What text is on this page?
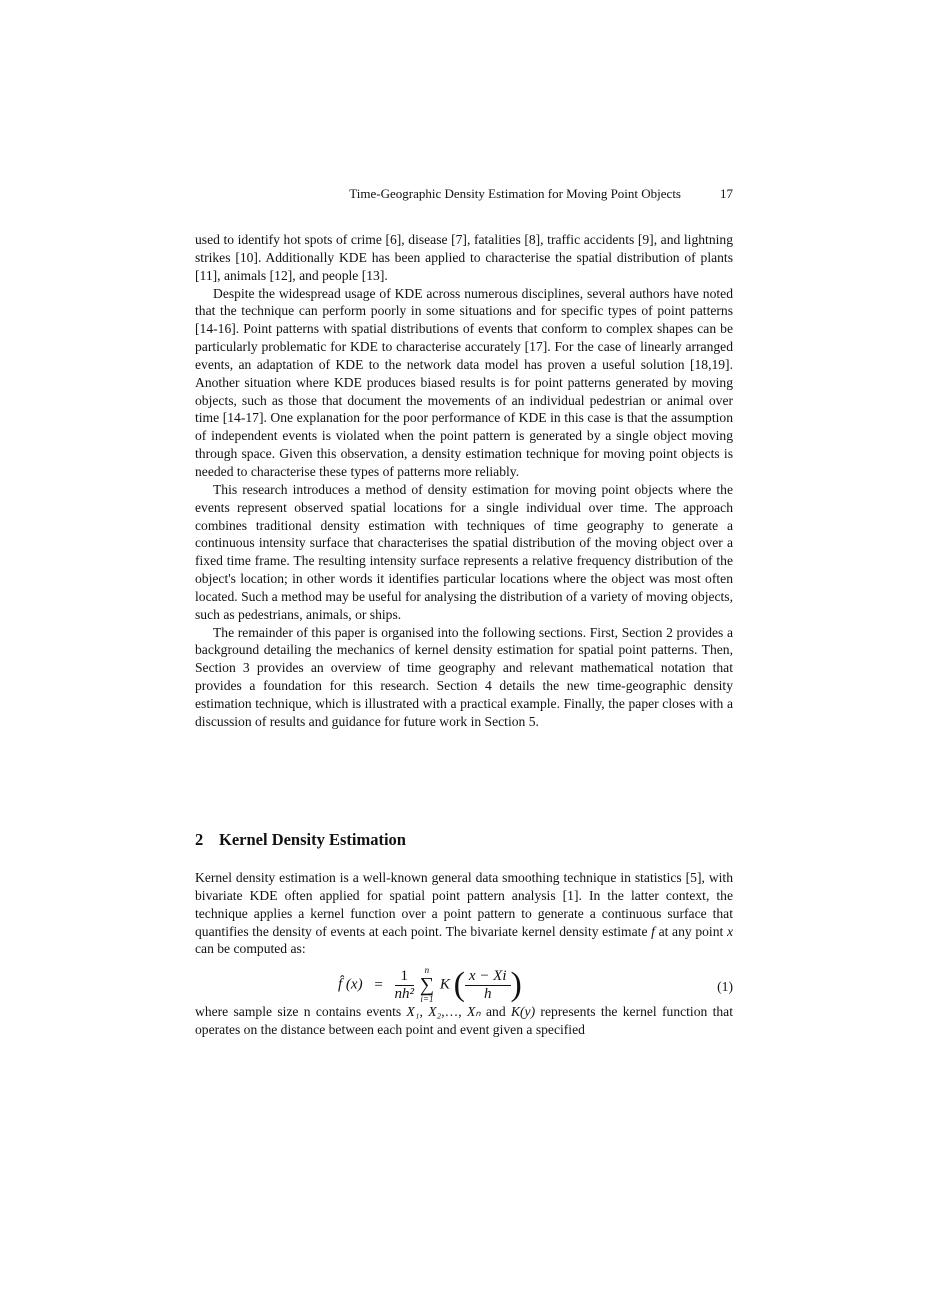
Time-Geographic Density Estimation for Moving Point Objects	17

used to identify hot spots of crime [6], disease [7], fatalities [8], traffic accidents [9], and lightning strikes [10]. Additionally KDE has been applied to characterise the spatial distribution of plants [11], animals [12], and people [13].

Despite the widespread usage of KDE across numerous disciplines, several authors have noted that the technique can perform poorly in some situations and for specific types of point patterns [14-16]. Point patterns with spatial distributions of events that conform to complex shapes can be particularly problematic for KDE to characterise accurately [17]. For the case of linearly arranged events, an adaptation of KDE to the network data model has proven a useful solution [18,19]. Another situation where KDE produces biased results is for point patterns generated by moving objects, such as those that document the movements of an individual pedestrian or animal over time [14-17]. One explanation for the poor performance of KDE in this case is that the assumption of independent events is violated when the point pattern is generated by a single object moving through space. Given this observation, a density estimation technique for moving point objects is needed to characterise these types of patterns more reliably.

This research introduces a method of density estimation for moving point objects where the events represent observed spatial locations for a single individual over time. The approach combines traditional density estimation with techniques of time geography to generate a continuous intensity surface that characterises the spatial distribution of the moving object over a fixed time frame. The resulting intensity surface represents a relative frequency distribution of the object's location; in other words it identifies particular locations where the object was most often located. Such a method may be useful for analysing the distribution of a variety of moving objects, such as pedestrians, animals, or ships.

The remainder of this paper is organised into the following sections. First, Section 2 provides a background detailing the mechanics of kernel density estimation for spatial point patterns. Then, Section 3 provides an overview of time geography and relevant mathematical notation that provides a foundation for this research. Section 4 details the new time-geographic density estimation technique, which is illustrated with a practical example. Finally, the paper closes with a discussion of results and guidance for future work in Section 5.

2 Kernel Density Estimation

Kernel density estimation is a well-known general data smoothing technique in statistics [5], with bivariate KDE often applied for spatial point pattern analysis [1]. In the latter context, the technique applies a kernel function over a point pattern to generate a continuous surface that quantifies the density of events at each point. The bivariate kernel density estimate f at any point x can be computed as:

f̂ $(x) = \frac{1}{\text{nh²}}$
	n
∑
i=1
K ( $\frac{x - Xi}{h}$ )	(1)

where sample size n contains events X₁, X₂,…, Xₙ and K(y) represents the kernel function that operates on the distance between each point and event given a specified
